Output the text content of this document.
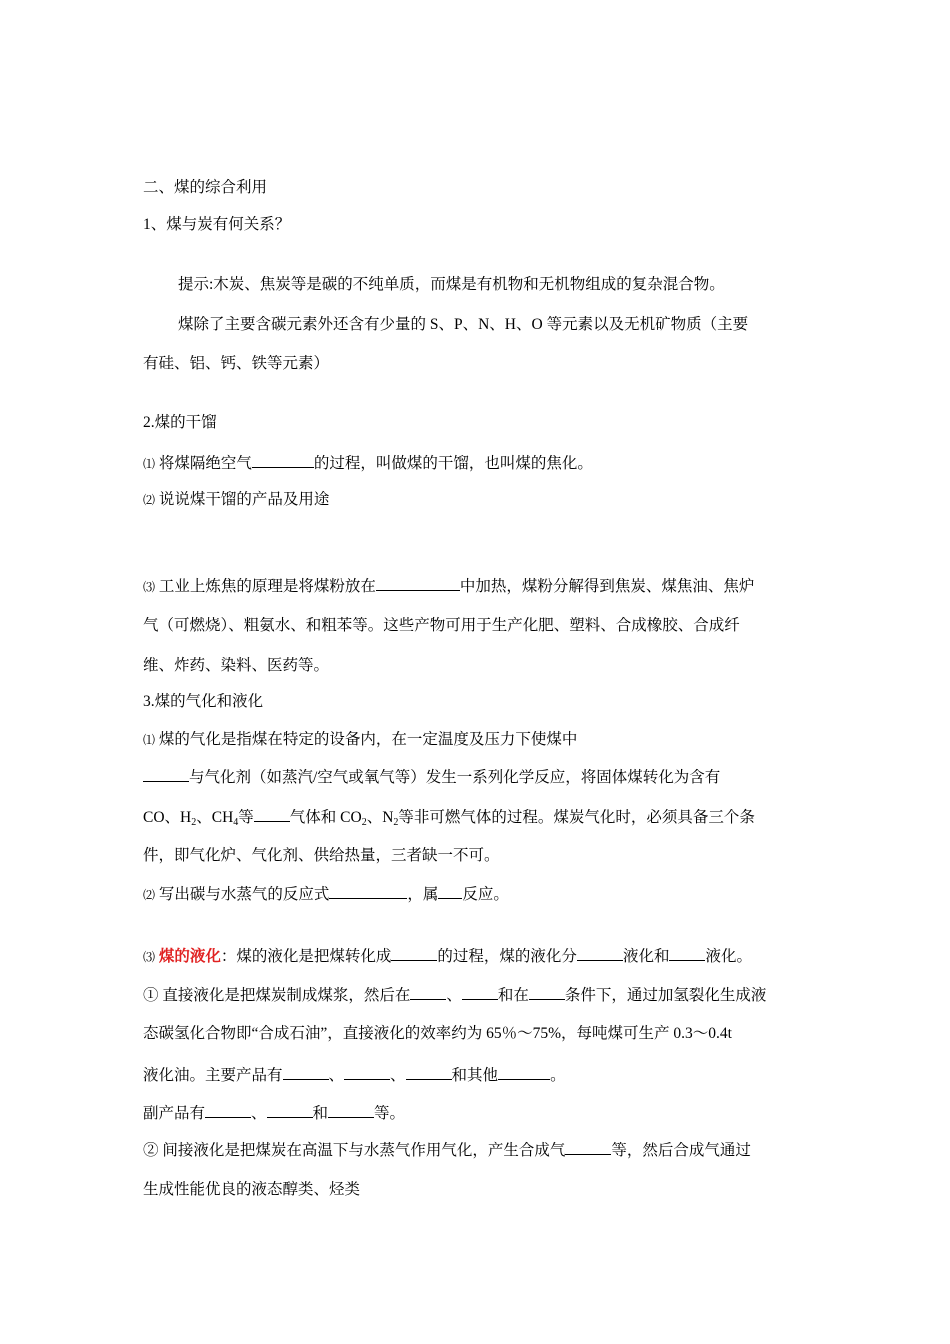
二、煤的综合利用
1、煤与炭有何关系？
提示:木炭、焦炭等是碳的不纯单质，而煤是有机物和无机物组成的复杂混合物。
煤除了主要含碳元素外还含有少量的 S、P、N、H、O 等元素以及无机矿物质（主要
有硅、铝、钙、铁等元素）
2.煤的干馏
⑴ 将煤隔绝空气	的过程，叫做煤的干馏，也叫煤的焦化。
⑵ 说说煤干馏的产品及用途
⑶ 工业上炼焦的原理是将煤粉放在	中加热，煤粉分解得到焦炭、煤焦油、焦炉
气（可燃烧）、粗氨水、和粗苯等。这些产物可用于生产化肥、塑料、合成橡胶、合成纤
维、炸药、染料、医药等。
3.煤的气化和液化
⑴ 煤的气化是指煤在特定的设备内，在一定温度及压力下使煤中
与气化剂（如蒸汽/空气或氧气等）发生一系列化学反应，将固体煤转化为含有
CO、$H_2$、$CH_4$等 气体和 $CO_2$、$N_2$等非可燃气体的过程。煤炭气化时，必须具备三个条
件，即气化炉、气化剂、供给热量，三者缺一不可。
⑵ 写出碳与水蒸气的反应式	，属 反应。
⑶ 煤的液化：煤的液化是把煤转化成	的过程，煤的液化分	液化和 液化。
① 直接液化是把煤炭制成煤浆，然后在 、 和在 条件下，通过加氢裂化生成液
态碳氢化合物即“合成石油”，直接液化的效率约为 65％～75%，每吨煤可生产 0.3～0.4t
液化油。主要产品有	、	、	和其他	。
副产品有	、	和	等。
② 间接液化是把煤炭在高温下与水蒸气作用气化，产生合成气	等，然后合成气通过
生成性能优良的液态醇类、烃类
